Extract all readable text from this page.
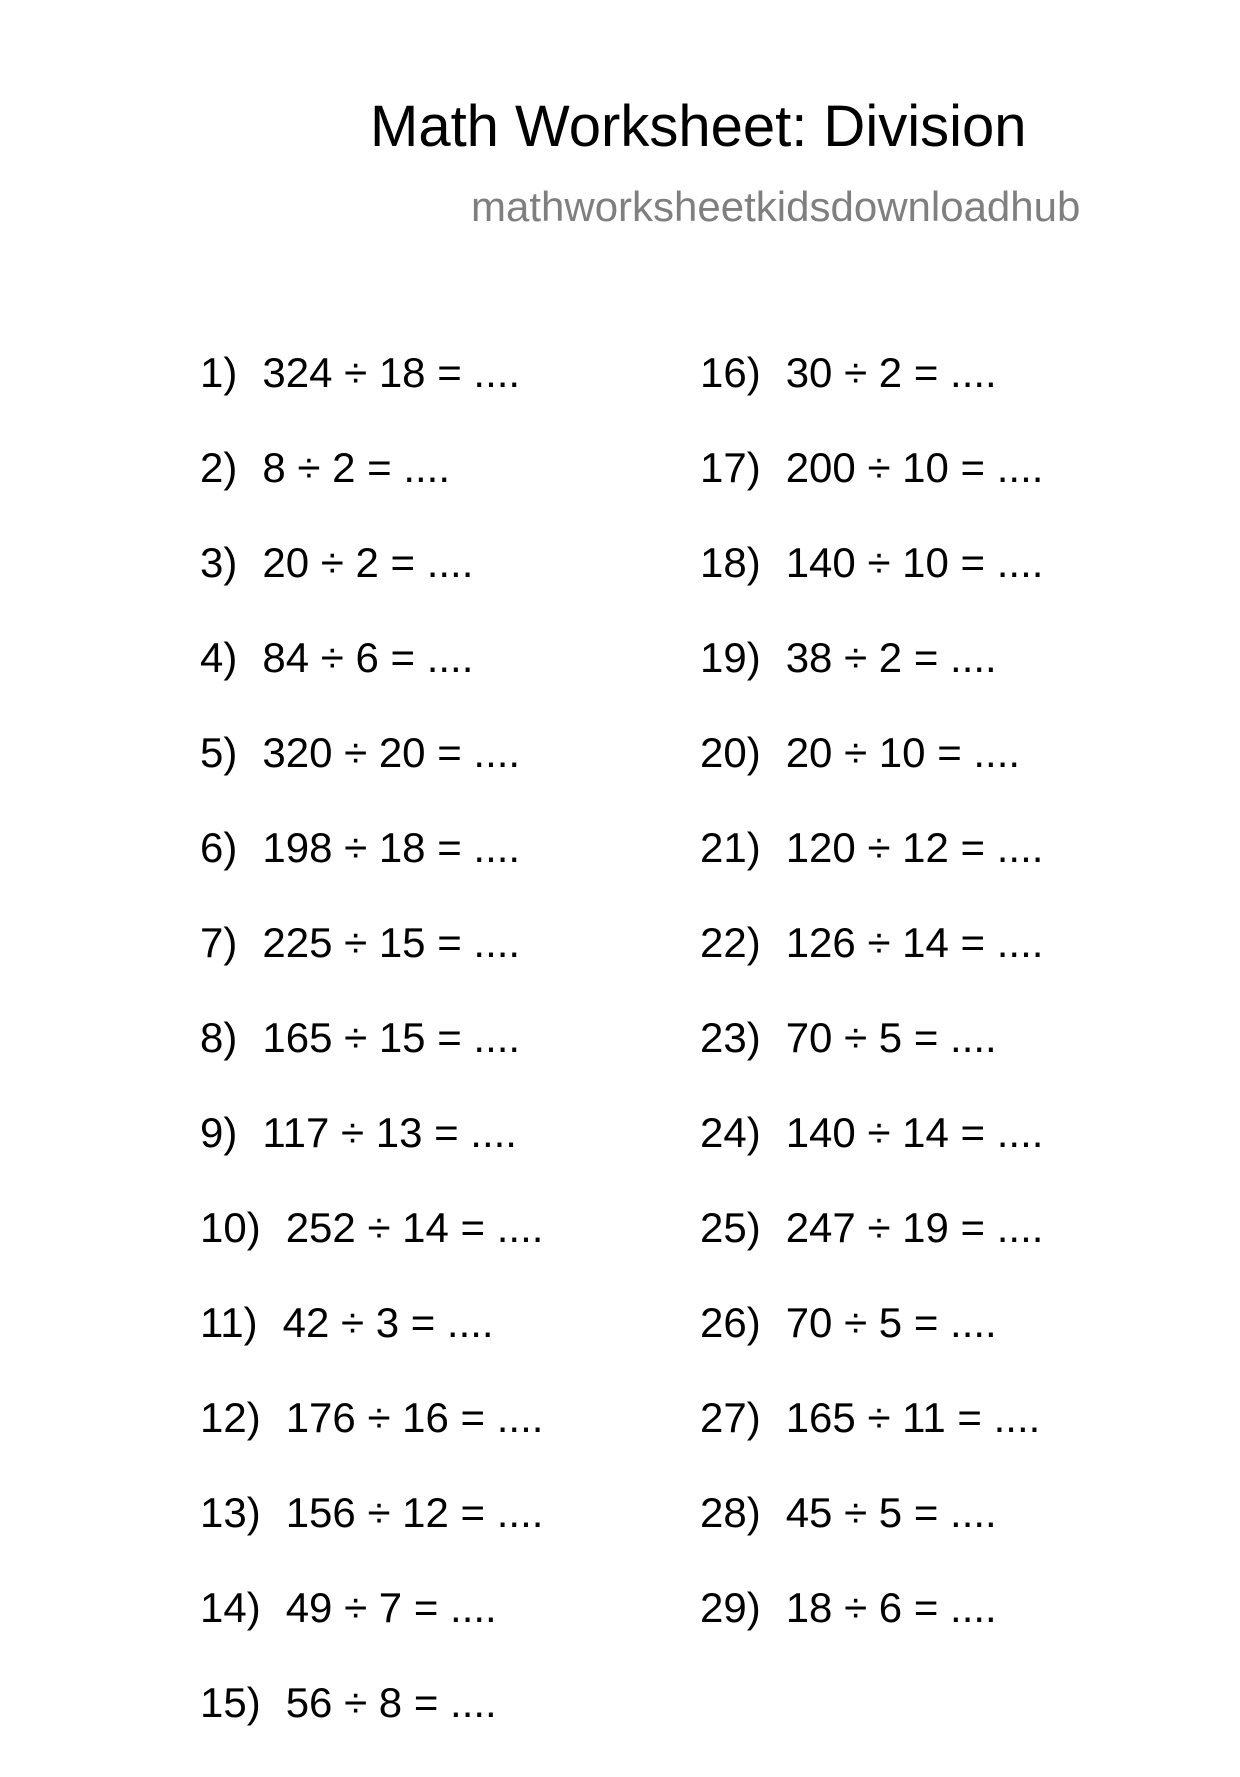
Math Worksheet: Division
mathworksheetkidsdownloadhub
1) 324 ÷ 18 = ....
2) 8 ÷ 2 = ....
3) 20 ÷ 2 = ....
4) 84 ÷ 6 = ....
5) 320 ÷ 20 = ....
6) 198 ÷ 18 = ....
7) 225 ÷ 15 = ....
8) 165 ÷ 15 = ....
9) 117 ÷ 13 = ....
10) 252 ÷ 14 = ....
11) 42 ÷ 3 = ....
12) 176 ÷ 16 = ....
13) 156 ÷ 12 = ....
14) 49 ÷ 7 = ....
15) 56 ÷ 8 = ....
16) 30 ÷ 2 = ....
17) 200 ÷ 10 = ....
18) 140 ÷ 10 = ....
19) 38 ÷ 2 = ....
20) 20 ÷ 10 = ....
21) 120 ÷ 12 = ....
22) 126 ÷ 14 = ....
23) 70 ÷ 5 = ....
24) 140 ÷ 14 = ....
25) 247 ÷ 19 = ....
26) 70 ÷ 5 = ....
27) 165 ÷ 11 = ....
28) 45 ÷ 5 = ....
29) 18 ÷ 6 = ....
